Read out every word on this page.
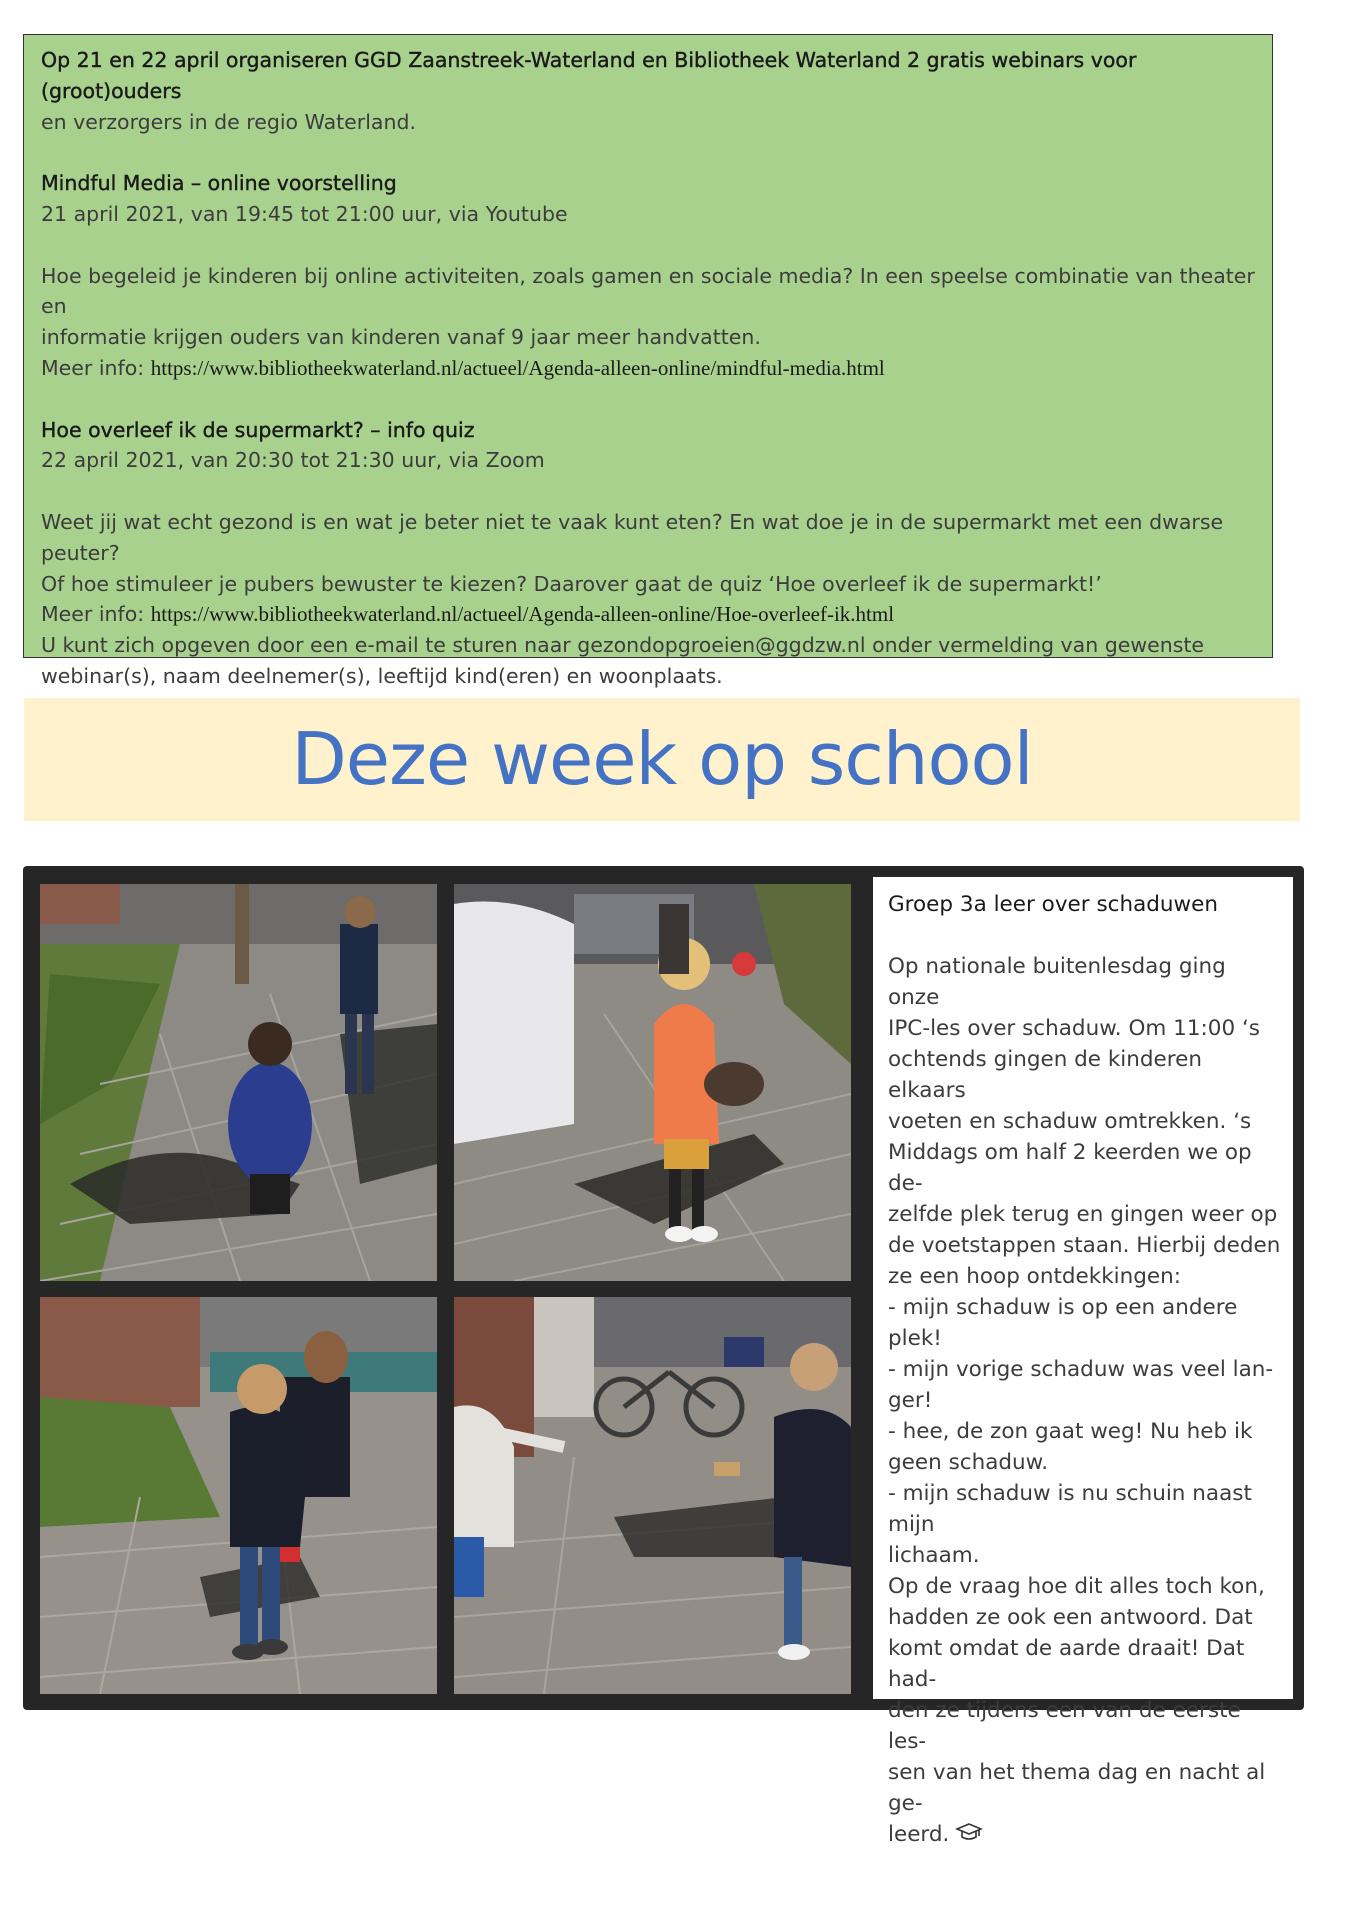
Op 21 en 22 april organiseren GGD Zaanstreek-Waterland en Bibliotheek Waterland 2 gratis webinars voor (groot)ouders

en verzorgers in de regio Waterland.

Mindful Media – online voorstelling

21 april 2021, van 19:45 tot 21:00 uur, via Youtube

Hoe begeleid je kinderen bij online activiteiten, zoals gamen en sociale media? In een speelse combinatie van theater en

informatie krijgen ouders van kinderen vanaf 9 jaar meer handvatten.

Meer info: https://www.bibliotheekwaterland.nl/actueel/Agenda-alleen-online/mindful-media.html

Hoe overleef ik de supermarkt? – info quiz

22 april 2021, van 20:30 tot 21:30 uur, via Zoom

Weet jij wat echt gezond is en wat je beter niet te vaak kunt eten? En wat doe je in de supermarkt met een dwarse peuter?

Of hoe stimuleer je pubers bewuster te kiezen? Daarover gaat de quiz ‘Hoe overleef ik de supermarkt!’

Meer info: https://www.bibliotheekwaterland.nl/actueel/Agenda-alleen-online/Hoe-overleef-ik.html

U kunt zich opgeven door een e-mail te sturen naar gezondopgroeien@ggdzw.nl onder vermelding van gewenste

webinar(s), naam deelnemer(s), leeftijd kind(eren) en woonplaats.

Deze week op school

Groep 3a leer over schaduwen

Op nationale buitenlesdag ging onze

IPC-les over schaduw. Om 11:00 ‘s

ochtends gingen de kinderen elkaars

voeten en schaduw omtrekken. ‘s

Middags om half 2 keerden we op de-

zelfde plek terug en gingen weer op

de voetstappen staan. Hierbij deden

ze een hoop ontdekkingen:

- mijn schaduw is op een andere plek!

- mijn vorige schaduw was veel lan-

ger!

- hee, de zon gaat weg! Nu heb ik

geen schaduw.

- mijn schaduw is nu schuin naast mijn

lichaam.

Op de vraag hoe dit alles toch kon,

hadden ze ook een antwoord. Dat

komt omdat de aarde draait! Dat had-

den ze tijdens een van de eerste les-

sen van het thema dag en nacht al ge-

leerd.
